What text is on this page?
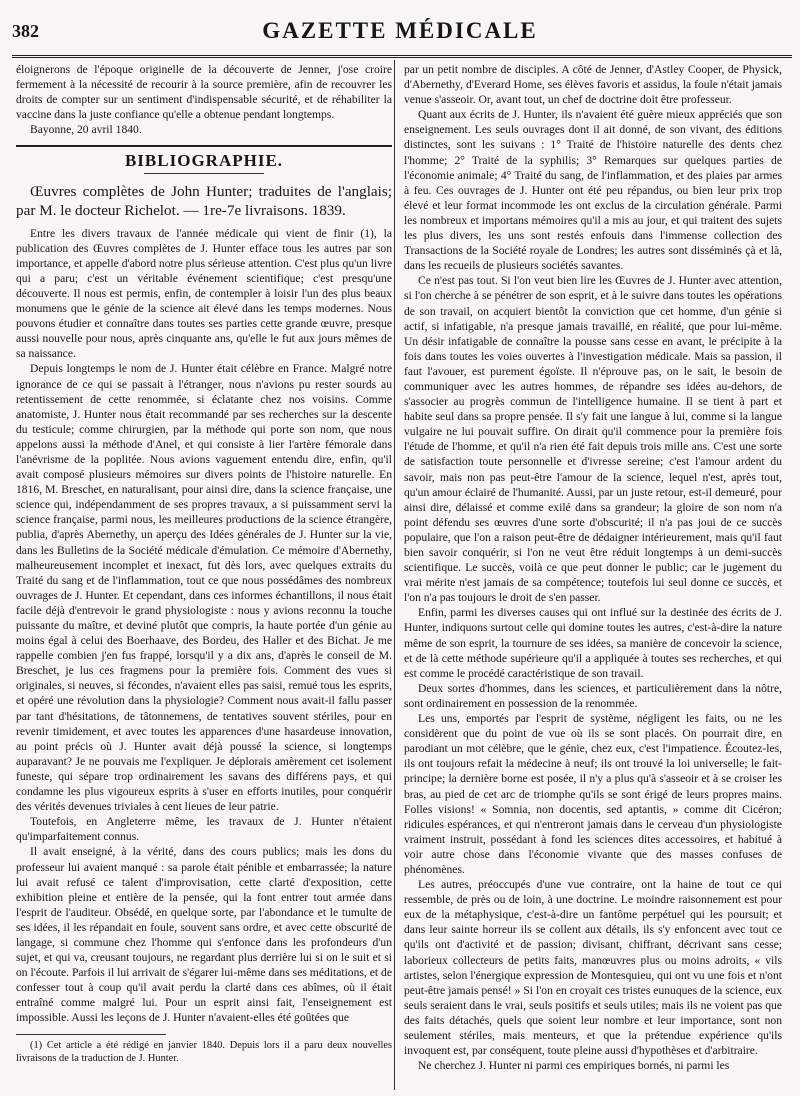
382	GAZETTE MÉDICALE

éloignerons de l'époque originelle de la découverte de Jenner, j'ose croire fermement à la nécessité de recourir à la source première, afin de recouvrer les droits de compter sur un sentiment d'indispensable sécurité, et de réhabiliter la vaccine dans la juste confiance qu'elle a obtenue pendant longtemps.

Bayonne, 20 avril 1840.

BIBLIOGRAPHIE.

Œuvres complètes de John Hunter; traduites de l'anglais; par M. le docteur Richelot. — 1re-7e livraisons. 1839.

Entre les divers travaux de l'année médicale qui vient de finir (1), la publication des Œuvres complètes de J. Hunter efface tous les autres par son importance, et appelle d'abord notre plus sérieuse attention. C'est plus qu'un livre qui a paru; c'est un véritable événement scientifique; c'est presqu'une découverte. Il nous est permis, enfin, de contempler à loisir l'un des plus beaux monumens que le génie de la science ait élevé dans les temps modernes. Nous pouvons étudier et connaître dans toutes ses parties cette grande œuvre, presque aussi nouvelle pour nous, après cinquante ans, qu'elle le fut aux jours mêmes de sa naissance.

Depuis longtemps le nom de J. Hunter était célèbre en France. Malgré notre ignorance de ce qui se passait à l'étranger, nous n'avions pu rester sourds au retentissement de cette renommée, si éclatante chez nos voisins. Comme anatomiste, J. Hunter nous était recommandé par ses recherches sur la descente du testicule; comme chirurgien, par la méthode qui porte son nom, que nous appelons aussi la méthode d'Anel, et qui consiste à lier l'artère fémorale dans l'anévrisme de la poplitée. Nous avions vaguement entendu dire, enfin, qu'il avait composé plusieurs mémoires sur divers points de l'histoire naturelle. En 1816, M. Breschet, en naturalisant, pour ainsi dire, dans la science française, une science qui, indépendamment de ses propres travaux, a si puissamment servi la science française, parmi nous, les meilleures productions de la science étrangère, publia, d'après Abernethy, un aperçu des Idées générales de J. Hunter sur la vie, dans les Bulletins de la Société médicale d'émulation. Ce mémoire d'Abernethy, malheureusement incomplet et inexact, fut dès lors, avec quelques extraits du Traité du sang et de l'inflammation, tout ce que nous possédâmes des nombreux ouvrages de J. Hunter. Et cependant, dans ces informes échantillons, il nous était facile déjà d'entrevoir le grand physiologiste : nous y avions reconnu la touche puissante du maître, et deviné plutôt que compris, la haute portée d'un génie au moins égal à celui des Boerhaave, des Bordeu, des Haller et des Bichat. Je me rappelle combien j'en fus frappé, lorsqu'il y a dix ans, d'après le conseil de M. Breschet, je lus ces fragmens pour la première fois. Comment des vues si originales, si neuves, si fécondes, n'avaient elles pas saisi, remué tous les esprits, et opéré une révolution dans la physiologie? Comment nous avait-il fallu passer par tant d'hésitations, de tâtonnemens, de tentatives souvent stériles, pour en revenir timidement, et avec toutes les apparences d'une hasardeuse innovation, au point précis où J. Hunter avait déjà poussé la science, si longtemps auparavant? Je ne pouvais me l'expliquer. Je déplorais amèrement cet isolement funeste, qui sépare trop ordinairement les savans des différens pays, et qui condamne les plus vigoureux esprits à s'user en efforts inutiles, pour conquérir des vérités devenues triviales à cent lieues de leur patrie.

Toutefois, en Angleterre même, les travaux de J. Hunter n'étaient qu'imparfaitement connus.

Il avait enseigné, à la vérité, dans des cours publics; mais les dons du professeur lui avaient manqué : sa parole était pénible et embarrassée; la nature lui avait refusé ce talent d'improvisation, cette clarté d'exposition, cette exhibition pleine et entière de la pensée, qui la font entrer tout armée dans l'esprit de l'auditeur. Obsédé, en quelque sorte, par l'abondance et le tumulte de ses idées, il les répandait en foule, souvent sans ordre, et avec cette obscurité de langage, si commune chez l'homme qui s'enfonce dans les profondeurs d'un sujet, et qui va, creusant toujours, ne regardant plus derrière lui si on le suit et si on l'écoute. Parfois il lui arrivait de s'égarer lui-même dans ses méditations, et de confesser tout à coup qu'il avait perdu la clarté dans ces abîmes, où il était entraîné comme malgré lui. Pour un esprit ainsi fait, l'enseignement est impossible. Aussi les leçons de J. Hunter n'avaient-elles été goûtées que

(1) Cet article a été rédigé en janvier 1840. Depuis lors il a paru deux nouvelles livraisons de la traduction de J. Hunter.

par un petit nombre de disciples. A côté de Jenner, d'Astley Cooper, de Physick, d'Abernethy, d'Everard Home, ses élèves favoris et assidus, la foule n'était jamais venue s'asseoir. Or, avant tout, un chef de doctrine doit être professeur.

Quant aux écrits de J. Hunter, ils n'avaient été guère mieux appréciés que son enseignement. Les seuls ouvrages dont il ait donné, de son vivant, des éditions distinctes, sont les suivans : 1° Traité de l'histoire naturelle des dents chez l'homme; 2° Traité de la syphilis; 3° Remarques sur quelques parties de l'économie animale; 4° Traité du sang, de l'inflammation, et des plaies par armes à feu. Ces ouvrages de J. Hunter ont été peu répandus, ou bien leur prix trop élevé et leur format incommode les ont exclus de la circulation générale. Parmi les nombreux et importans mémoires qu'il a mis au jour, et qui traitent des sujets les plus divers, les uns sont restés enfouis dans l'immense collection des Transactions de la Société royale de Londres; les autres sont disséminés çà et là, dans les recueils de plusieurs sociétés savantes.

Ce n'est pas tout. Si l'on veut bien lire les Œuvres de J. Hunter avec attention, si l'on cherche à se pénétrer de son esprit, et à le suivre dans toutes les opérations de son travail, on acquiert bientôt la conviction que cet homme, d'un génie si actif, si infatigable, n'a presque jamais travaillé, en réalité, que pour lui-même. Un désir infatigable de connaître la pousse sans cesse en avant, le précipite à la fois dans toutes les voies ouvertes à l'investigation médicale. Mais sa passion, il faut l'avouer, est purement égoïste. Il n'éprouve pas, on le sait, le besoin de communiquer avec les autres hommes, de répandre ses idées au-dehors, de s'associer au progrès commun de l'intelligence humaine. Il se tient à part et habite seul dans sa propre pensée. Il s'y fait une langue à lui, comme si la langue vulgaire ne lui pouvait suffire. On dirait qu'il commence pour la première fois l'étude de l'homme, et qu'il n'a rien été fait depuis trois mille ans. C'est une sorte de satisfaction toute personnelle et d'ivresse sereine; c'est l'amour ardent du savoir, mais non pas peut-être l'amour de la science, lequel n'est, après tout, qu'un amour éclairé de l'humanité. Aussi, par un juste retour, est-il demeuré, pour ainsi dire, délaissé et comme exilé dans sa grandeur; la gloire de son nom n'a point défendu ses œuvres d'une sorte d'obscurité; il n'a pas joui de ce succès populaire, que l'on a raison peut-être de dédaigner intérieurement, mais qu'il faut bien savoir conquérir, si l'on ne veut être réduit longtemps à un demi-succès scientifique. Le succès, voilà ce que peut donner le public; car le jugement du vrai mérite n'est jamais de sa compétence; toutefois lui seul donne ce succès, et l'on n'a pas toujours le droit de s'en passer.

Enfin, parmi les diverses causes qui ont influé sur la destinée des écrits de J. Hunter, indiquons surtout celle qui domine toutes les autres, c'est-à-dire la nature même de son esprit, la tournure de ses idées, sa manière de concevoir la science, et de là cette méthode supérieure qu'il a appliquée à toutes ses recherches, et qui est comme le procédé caractéristique de son travail.

Deux sortes d'hommes, dans les sciences, et particulièrement dans la nôtre, sont ordinairement en possession de la renommée.

Les uns, emportés par l'esprit de système, négligent les faits, ou ne les considèrent que du point de vue où ils se sont placés. On pourrait dire, en parodiant un mot célèbre, que le génie, chez eux, c'est l'impatience. Écoutez-les, ils ont toujours refait la médecine à neuf; ils ont trouvé la loi universelle; le fait-principe; la dernière borne est posée, il n'y a plus qu'à s'asseoir et à se croiser les bras, au pied de cet arc de triomphe qu'ils se sont érigé de leurs propres mains. Folles visions! « Somnia, non docentis, sed aptantis, » comme dit Cicéron; ridicules espérances, et qui n'entreront jamais dans le cerveau d'un physiologiste vraiment instruit, possédant à fond les sciences dites accessoires, et habitué à voir autre chose dans l'économie vivante que des masses confuses de phénomènes.

Les autres, préoccupés d'une vue contraire, ont la haine de tout ce qui ressemble, de près ou de loin, à une doctrine. Le moindre raisonnement est pour eux de la métaphysique, c'est-à-dire un fantôme perpétuel qui les poursuit; et dans leur sainte horreur ils se collent aux détails, ils s'y enfoncent avec tout ce qu'ils ont d'activité et de passion; divisant, chiffrant, décrivant sans cesse; laborieux collecteurs de petits faits, manœuvres plus ou moins adroits, « vils artistes, selon l'énergique expression de Montesquieu, qui ont vu une fois et n'ont peut-être jamais pensé! » Si l'on en croyait ces tristes eunuques de la science, eux seuls seraient dans le vrai, seuls positifs et seuls utiles; mais ils ne voient pas que des faits détachés, quels que soient leur nombre et leur importance, sont non seulement stériles, mais menteurs, et que la prétendue expérience qu'ils invoquent est, par conséquent, toute pleine aussi d'hypothèses et d'arbitraire.

Ne cherchez J. Hunter ni parmi ces empiriques bornés, ni parmi les
